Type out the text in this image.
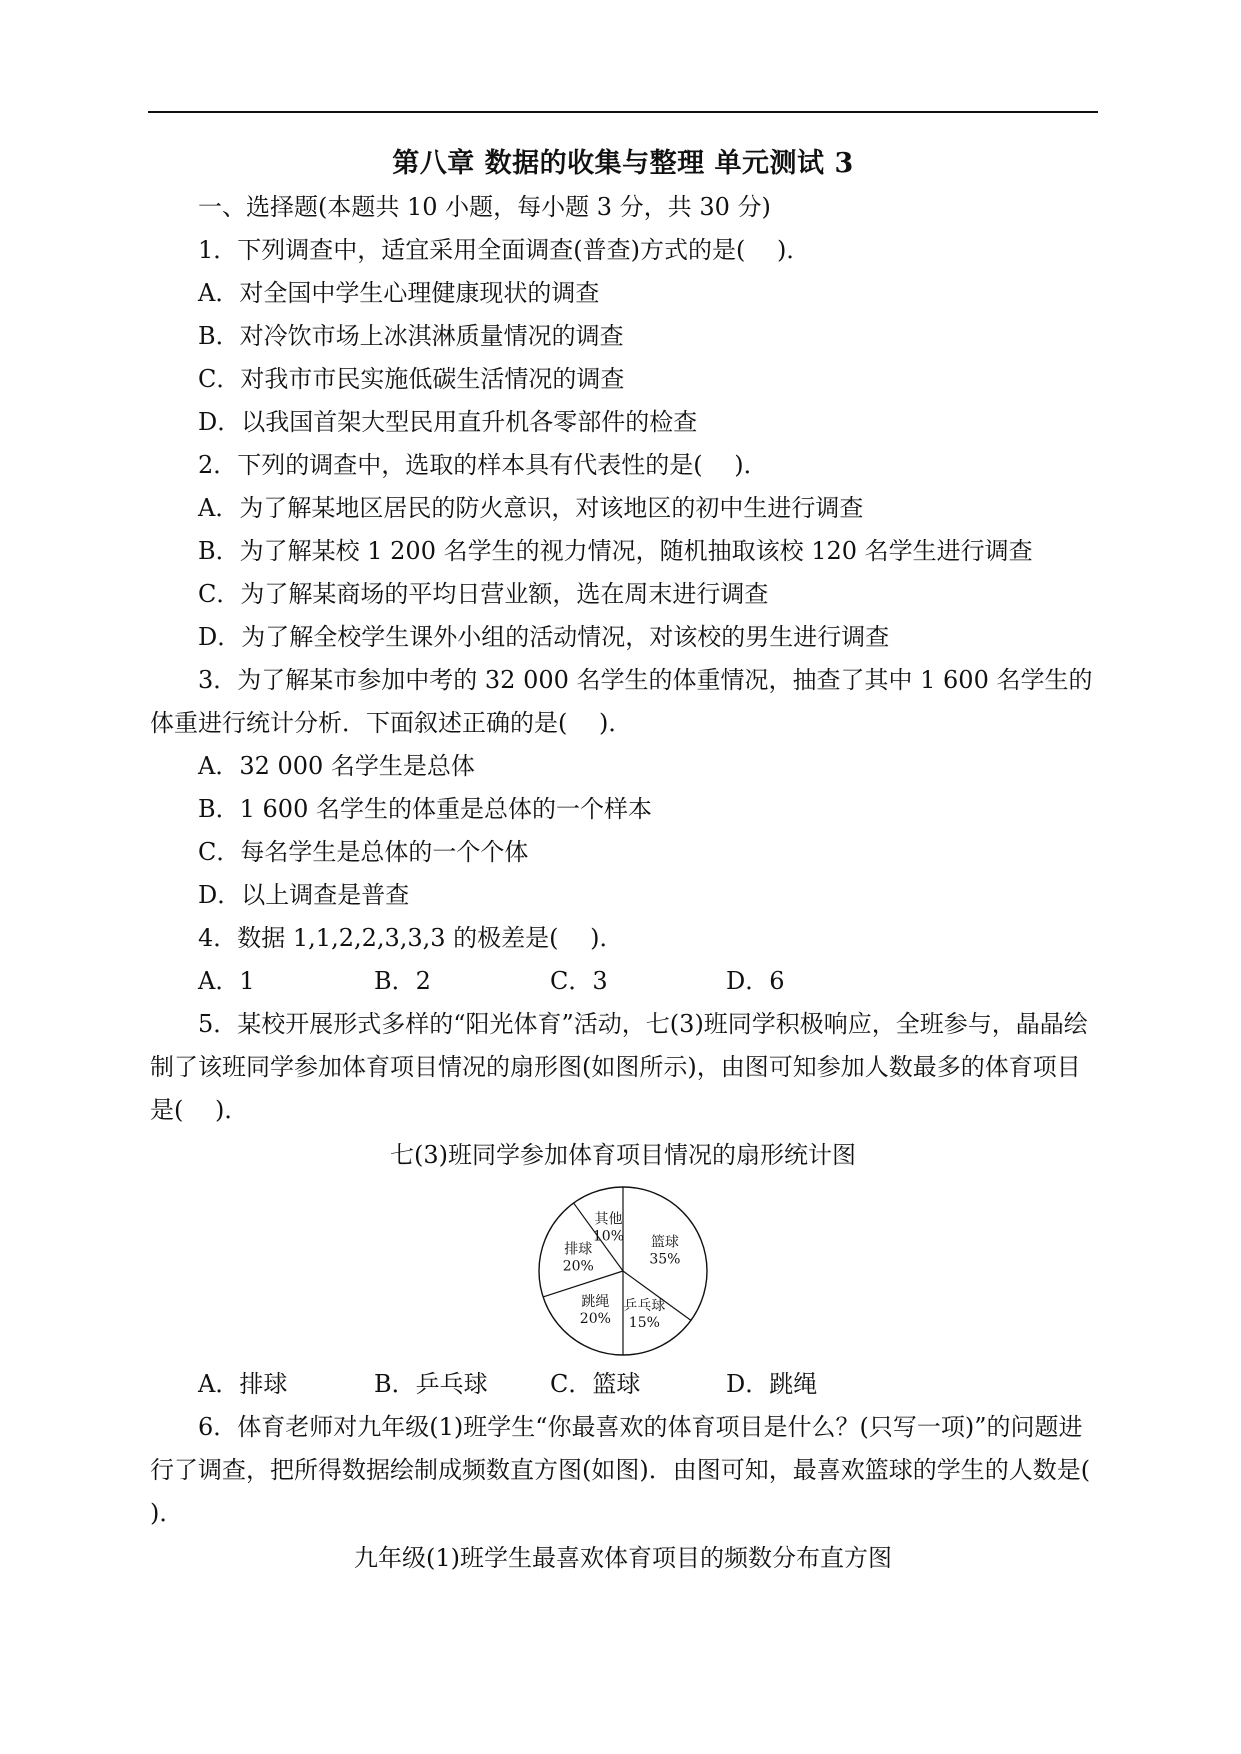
第八章 数据的收集与整理 单元测试 3
一、选择题(本题共 10 小题，每小题 3 分，共 30 分)
1．下列调查中，适宜采用全面调查(普查)方式的是(　 )．
A．对全国中学生心理健康现状的调查
B．对冷饮市场上冰淇淋质量情况的调查
C．对我市市民实施低碳生活情况的调查
D．以我国首架大型民用直升机各零部件的检查
2．下列的调查中，选取的样本具有代表性的是(　 )．
A．为了解某地区居民的防火意识，对该地区的初中生进行调查
B．为了解某校 1 200 名学生的视力情况，随机抽取该校 120 名学生进行调查
C．为了解某商场的平均日营业额，选在周末进行调查
D．为了解全校学生课外小组的活动情况，对该校的男生进行调查
3．为了解某市参加中考的 32 000 名学生的体重情况，抽查了其中 1 600 名学生的体重进行统计分析．下面叙述正确的是(　 )．
A．32 000 名学生是总体
B．1 600 名学生的体重是总体的一个样本
C．每名学生是总体的一个个体
D．以上调查是普查
4．数据 1,1,2,2,3,3,3 的极差是(　 )．
A．1	B．2	C．3	D．6
5．某校开展形式多样的“阳光体育”活动，七(3)班同学积极响应，全班参与，晶晶绘制了该班同学参加体育项目情况的扇形图(如图所示)，由图可知参加人数最多的体育项目是(　 )．
七(3)班同学参加体育项目情况的扇形统计图
篮球
35%
乒乓球
15%
跳绳
20%
排球
20%
其他
10%
A．排球	B．乒乓球	C．篮球	D．跳绳
6．体育老师对九年级(1)班学生“你最喜欢的体育项目是什么？(只写一项)”的问题进行了调查，把所得数据绘制成频数直方图(如图)．由图可知，最喜欢篮球的学生的人数是(　 )．
九年级(1)班学生最喜欢体育项目的频数分布直方图
